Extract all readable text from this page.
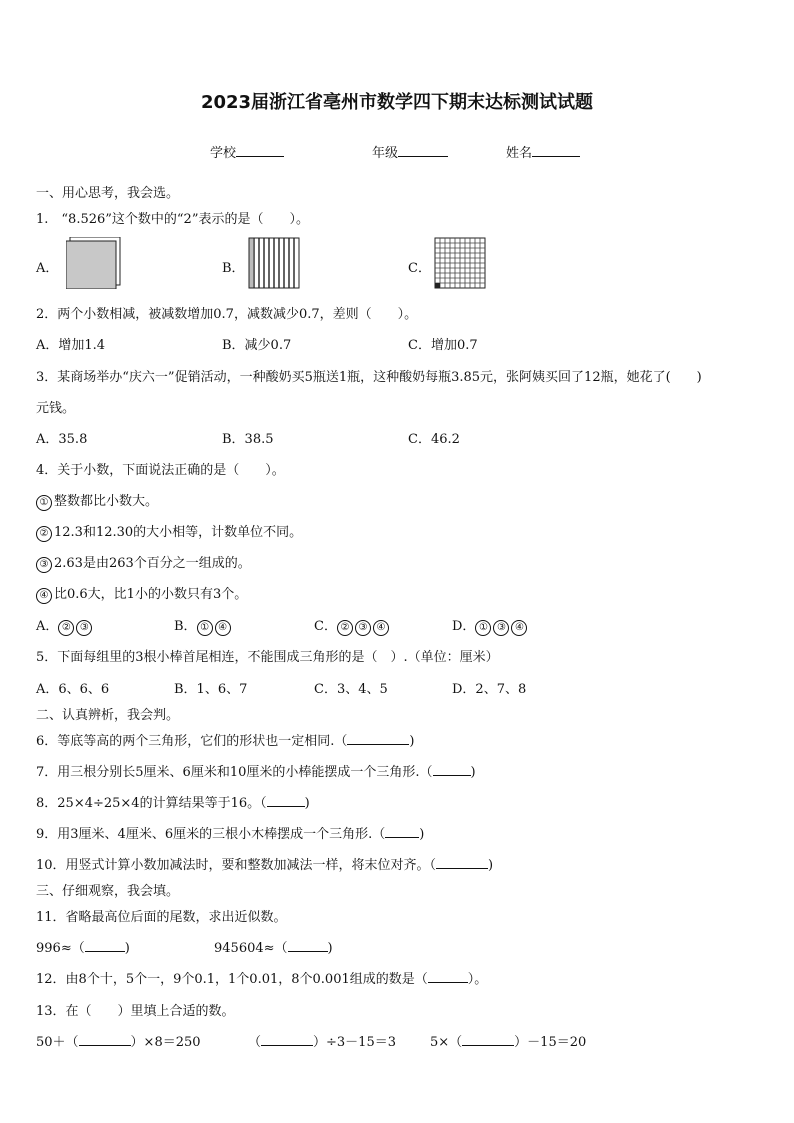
2023届浙江省亳州市数学四下期末达标测试试题
学校	年级	姓名
一、用心思考，我会选。
1.　“8.526”这个数中的“2”表示的是（　　）。
A．	B．	C．
2．两个小数相减，被减数增加0.7，减数减少0.7，差则（　　）。
A．增加1.4	B．减少0.7	C．增加0.7
3．某商场举办“庆六一”促销活动，一种酸奶买5瓶送1瓶，这种酸奶每瓶3.85元，张阿姨买回了12瓶，她花了(　　)
元钱。
A．35.8	B．38.5	C．46.2
4．关于小数，下面说法正确的是（　　）。
① 整数都比小数大。
② 12.3和12.30的大小相等，计数单位不同。
③ 2.63是由263个百分之一组成的。
④ 比0.6大，比1小的小数只有3个。
A． ② ③	B． ① ④	C． ② ③ ④	D． ① ③ ④
5．下面每组里的3根小棒首尾相连，不能围成三角形的是（　）.（单位：厘米）
A．6、6、6	B．1、6、7	C．3、4、5	D．2、7、8
二、认真辨析，我会判。
6．等底等高的两个三角形，它们的形状也一定相同.（	)
7．用三根分别长5厘米、6厘米和10厘米的小棒能摆成一个三角形.（	)
8．25×4÷25×4的计算结果等于16。（	)
9．用3厘米、4厘米、6厘米的三根小木棒摆成一个三角形.（	)
10．用竖式计算小数加减法时，要和整数加减法一样，将末位对齐。（	)
三、仔细观察，我会填。
11．省略最高位后面的尾数，求出近似数。
996≈（	)	945604≈（	)
12．由8个十，5个一，9个0.1，1个0.01，8个0.001组成的数是（	）。
13．在（　　）里填上合适的数。
50＋（	）×8＝250	（	）÷3－15＝3	5×（	）－15＝20
